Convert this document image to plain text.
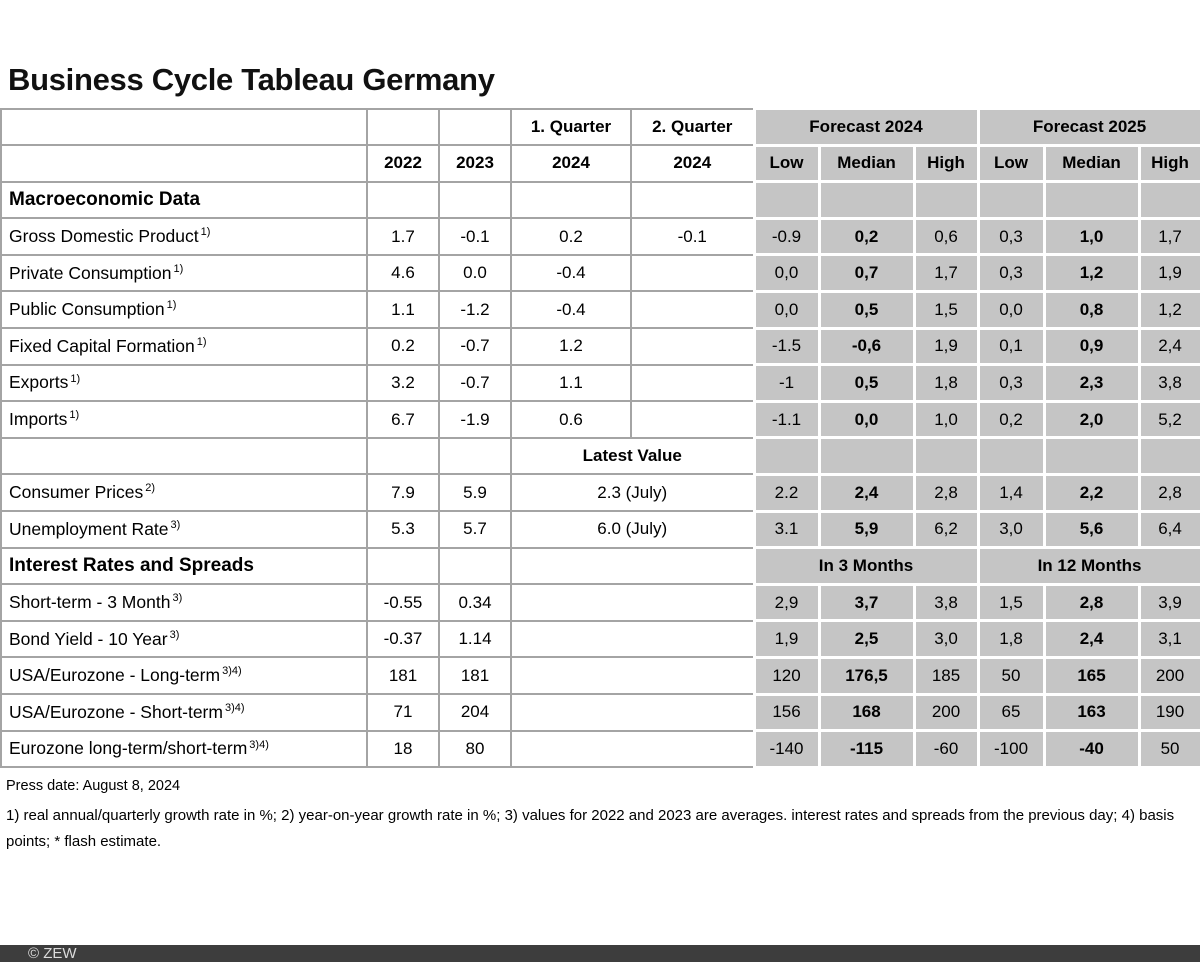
Business Cycle Tableau Germany
			1. Quarter	2. Quarter	Forecast 2024			Forecast 2025		
	2022	2023	2024	2024	Low	Median	High	Low	Median	High
Macroeconomic Data										
Gross Domestic Product $^{1)}$	1.7	-0.1	0.2	-0.1	-0.9	0,2	0,6	0,3	1,0	1,7
Private Consumption $^{1)}$	4.6	0.0	-0.4		0,0	0,7	1,7	0,3	1,2	1,9
Public Consumption $^{1)}$	1.1	-1.2	-0.4		0,0	0,5	1,5	0,0	0,8	1,2
Fixed Capital Formation $^{1)}$	0.2	-0.7	1.2		-1.5	-0,6	1,9	0,1	0,9	2,4
Exports $^{1)}$	3.2	-0.7	1.1		-1	0,5	1,8	0,3	2,3	3,8
Imports $^{1)}$	6.7	-1.9	0.6		-1.1	0,0	1,0	0,2	2,0	5,2
			Latest Value							
Consumer Prices $^{2)}$	7.9	5.9	2.3 (July)		2.2	2,4	2,8	1,4	2,2	2,8
Unemployment Rate $^{3)}$	5.3	5.7	6.0 (July)		3.1	5,9	6,2	3,0	5,6	6,4
Interest Rates and Spreads					In 3 Months			In 12 Months		
Short-term - 3 Month $^{3)}$	-0.55	0.34			2,9	3,7	3,8	1,5	2,8	3,9
Bond Yield - 10 Year $^{3)}$	-0.37	1.14			1,9	2,5	3,0	1,8	2,4	3,1
USA/Eurozone - Long-term $^{3)4)}$	181	181			120	176,5	185	50	165	200
USA/Eurozone - Short-term $^{3)4)}$	71	204			156	168	200	65	163	190
Eurozone long-term/short-term $^{3)4)}$	18	80			-140	-115	-60	-100	-40	50
Press date: August 8, 2024
1) real annual/quarterly growth rate in %; 2) year-on-year growth rate in %; 3) values for 2022 and 2023 are averages. interest rates and spreads from the previous day; 4) basis points; * flash estimate.
© ZEW
